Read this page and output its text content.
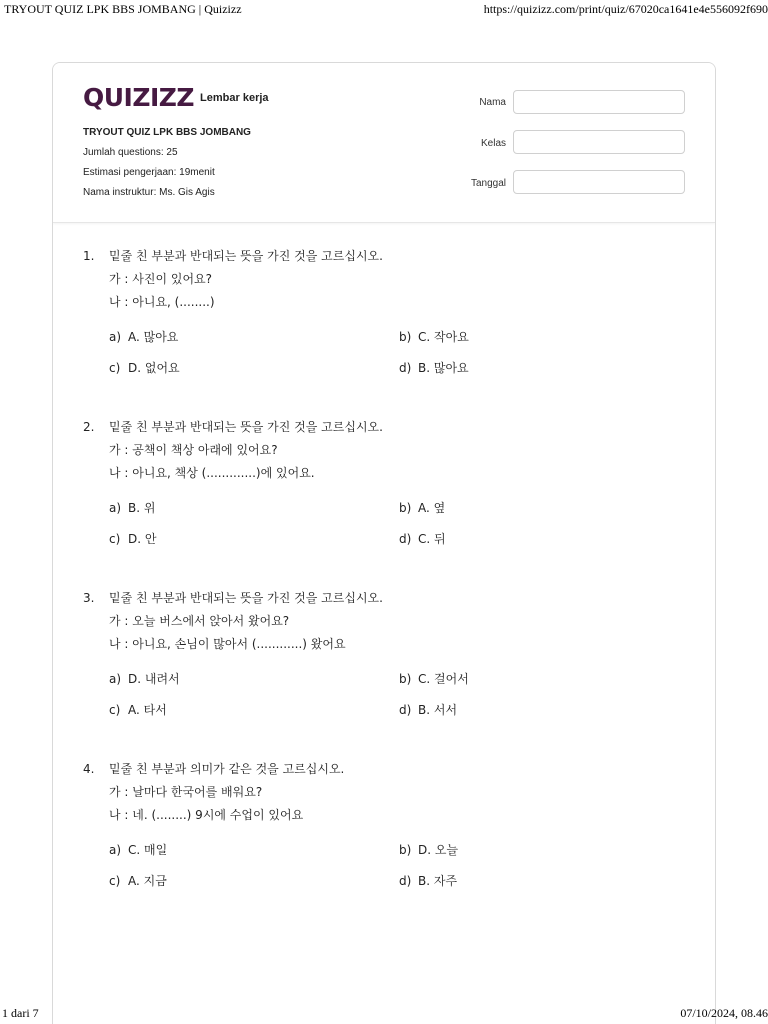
TRYOUT QUIZ LPK BBS JOMBANG | Quizizz	https://quizizz.com/print/quiz/67020ca1641e4e556092f690
QUIZIZZ Lembar kerja
TRYOUT QUIZ LPK BBS JOMBANG
Jumlah questions: 25
Estimasi pengerjaan: 19menit
Nama instruktur: Ms. Gis Agis
Nama
Kelas
Tanggal
1.	밑줄 친 부분과 반대되는 뜻을 가진 것을 고르십시오.
가 : 사진이 있어요?
나 : 아니요, (........)
a) A. 많아요	b) C. 작아요
c) D. 없어요	d) B. 많아요
2.	밑줄 친 부분과 반대되는 뜻을 가진 것을 고르십시오.
가 : 공책이 책상 아래에 있어요?
나 : 아니요, 책상 (.............)에 있어요.
a) B. 위	b) A. 옆
c) D. 안	d) C. 뒤
3.	밑줄 친 부분과 반대되는 뜻을 가진 것을 고르십시오.
가 : 오늘 버스에서 앉아서 왔어요?
나 : 아니요, 손님이 많아서 (............) 왔어요
a) D. 내려서	b) C. 걸어서
c) A. 타서	d) B. 서서
4.	밑줄 친 부분과 의미가 같은 것을 고르십시오.
가 : 날마다 한국어를 배워요?
나 : 네. (........) 9시에 수업이 있어요
a) C. 매일	b) D. 오늘
c) A. 지금	d) B. 자주
1 dari 7	07/10/2024, 08.46
